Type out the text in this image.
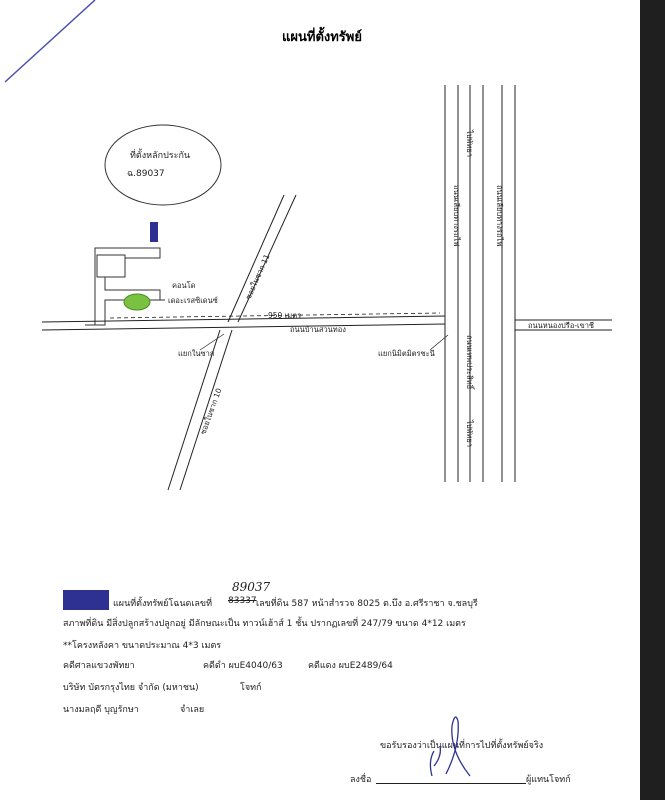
แผนที่ตั้งทรัพย์
ที่ตั้งหลักประกัน
ฉ.89037
คอนโด
เดอะเรสซิเดนซ์
950 เมตร
ถนนบ้านสวนทอง
ซอยในซาก 11
ซอยในซาก 10
แยกในซาก	แยกนิมิตมิตรชะนี
ถนนหนองปรือ-เขาชี
ไปพัทยา
ไปพัทยา
ถนนเลียบทางรถไฟ	ถนนเลียบทางรถไฟ
ถนนเทพประสิทธิ์
แผนที่ตั้งทรัพย์โฉนดเลขที่ 83337
89037
เลขที่ดิน 587 หน้าสำรวจ 8025 ต.บึง อ.ศรีราชา จ.ชลบุรี
สภาพที่ดิน มีสิ่งปลูกสร้างปลูกอยู่ มีลักษณะเป็น ทาวน์เฮ้าส์ 1 ชั้น ปรากฏเลขที่ 247/79 ขนาด 4*12 เมตร
**โครงหลังคา ขนาดประมาณ 4*3 เมตร
คดีศาลแขวงพัทยา	คดีดำ ผบE4040/63	คดีแดง ผบE2489/64
บริษัท บัตรกรุงไทย จำกัด (มหาชน)	โจทก์
นางมลฤดี บุญรักษา	จำเลย
ขอรับรองว่าเป็นแผนที่การไปที่ตั้งทรัพย์จริง
ลงชื่อ	ผู้แทนโจทก์
